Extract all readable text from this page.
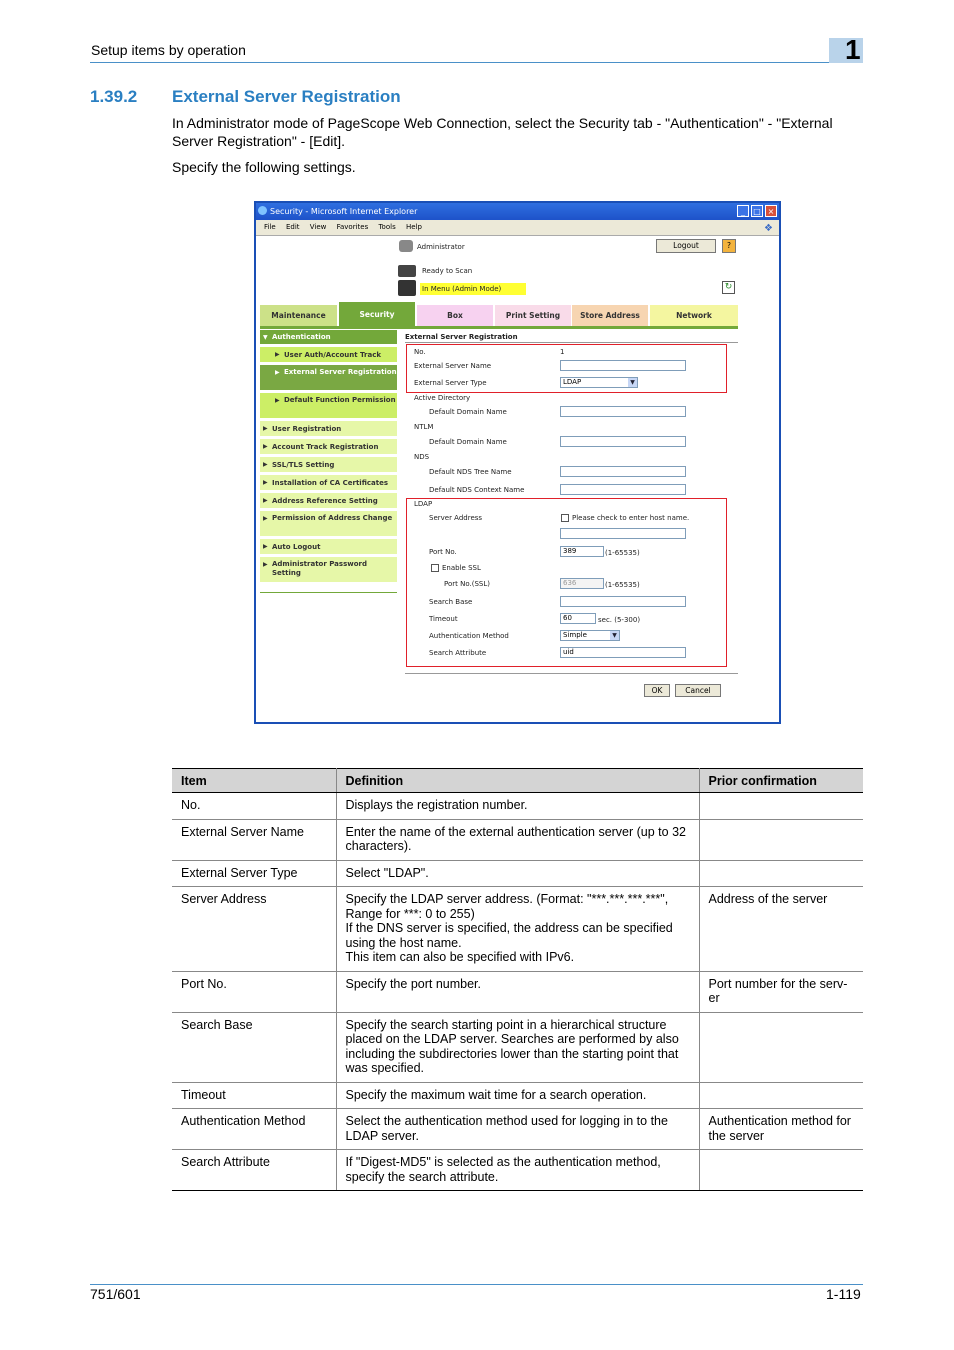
Setup items by operation	1
1.39.2 External Server Registration
In Administrator mode of PageScope Web Connection, select the Security tab - "Authentication" - "External Server Registration" - [Edit].
Specify the following settings.
Security - Microsoft Internet Explorer	_	□ ×
File Edit View Favorites Tools Help	❖
Administrator	Logout	?
Ready to Scan
In Menu (Admin Mode)	↻
Maintenance	Security	Box	Print Setting	Store Address	Network
▼ Authentication
▶ User Auth/Account Track
▶ External Server Registration
▶ Default Function Permission
▶ User Registration
▶ Account Track Registration
▶ SSL/TLS Setting
▶ Installation of CA Certificates
▶ Address Reference Setting
▶ Permission of Address Change
▶ Auto Logout
▶ Administrator Password Setting
External Server Registration
No.	1
External Server Name
External Server Type	LDAP	▼
Active Directory
Default Domain Name
NTLM
Default Domain Name
NDS
Default NDS Tree Name
Default NDS Context Name
LDAP
Server Address	Please check to enter host name.
Port No.	389	(1-65535)
Enable SSL
Port No.(SSL)	636	(1-65535)
Search Base
Timeout	60	sec. (5-300)
Authentication Method	Simple	▼
Search Attribute	uid
OK	Cancel
Item	Definition	Prior confirmation
No.	Displays the registration number.	
External Server Name	Enter the name of the external authentication server (up to 32 characters).	
External Server Type	Select "LDAP".	
Server Address	Specify the LDAP server address. (Format: "***.***.***.***", Range for ***: 0 to 255)
If the DNS server is specified, the address can be specified using the host name.
This item can also be specified with IPv6.	Address of the server
Port No.	Specify the port number.	Port number for the serv-
er
Search Base	Specify the search starting point in a hierarchical structure placed on the LDAP server. Searches are performed by also including the subdirectories lower than the starting point that was specified.	
Timeout	Specify the maximum wait time for a search operation.	
Authentication Method	Select the authentication method used for logging in to the LDAP server.	Authentication method for the server
Search Attribute	If "Digest-MD5" is selected as the authentication method, specify the search attribute.	
751/601	1-119
